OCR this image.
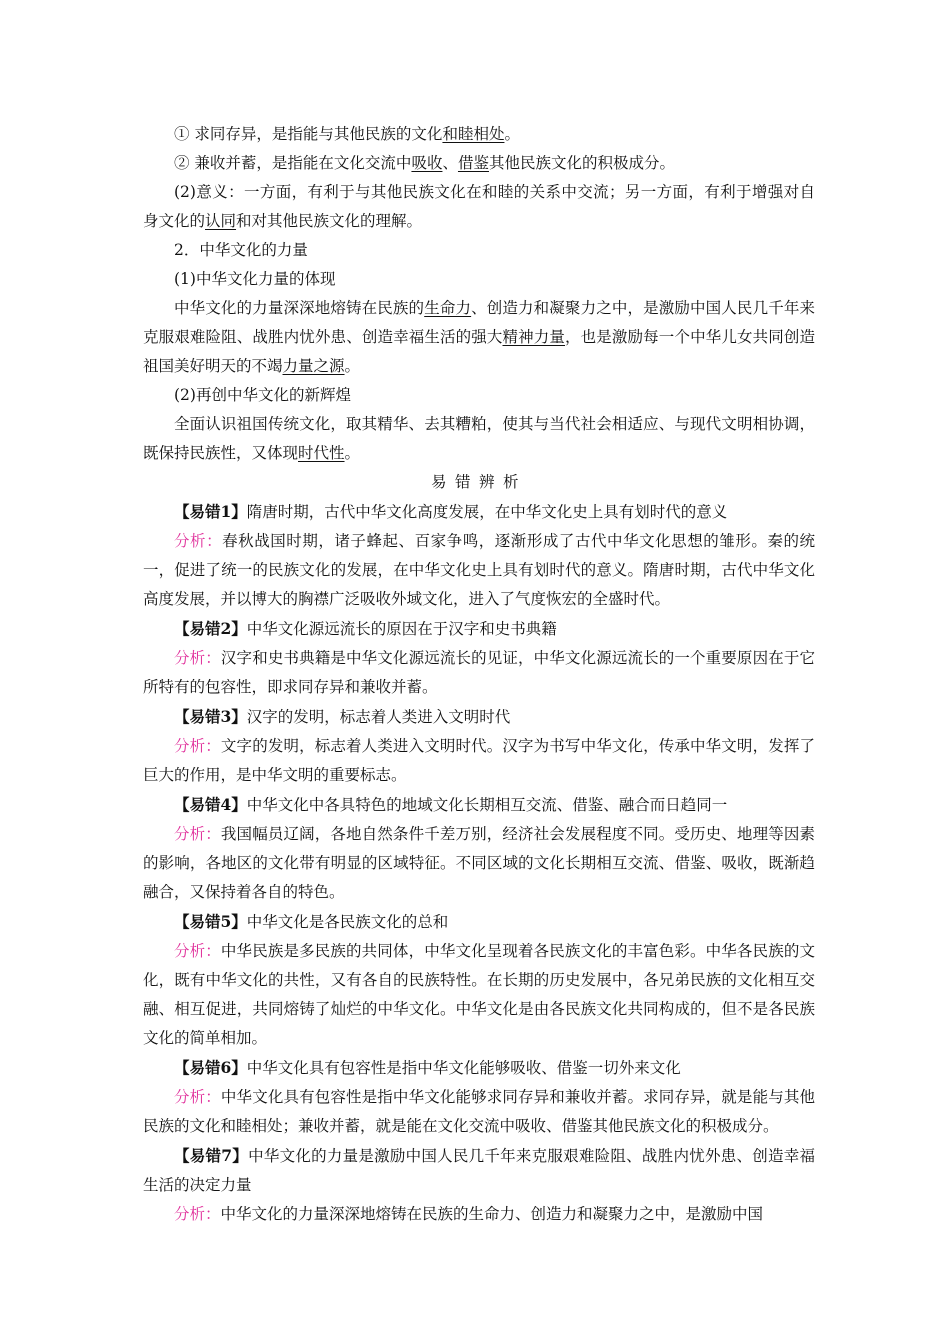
① 求同存异，是指能与其他民族的文化和睦相处。

② 兼收并蓄，是指能在文化交流中吸收、借鉴其他民族文化的积极成分。

(2)意义：一方面，有利于与其他民族文化在和睦的关系中交流；另一方面，有利于增强对自身文化的认同和对其他民族文化的理解。

2．中华文化的力量

(1)中华文化力量的体现

中华文化的力量深深地熔铸在民族的生命力、创造力和凝聚力之中，是激励中国人民几千年来克服艰难险阻、战胜内忧外患、创造幸福生活的强大精神力量，也是激励每一个中华儿女共同创造祖国美好明天的不竭力量之源。

(2)再创中华文化的新辉煌

全面认识祖国传统文化，取其精华、去其糟粕，使其与当代社会相适应、与现代文明相协调，既保持民族性，又体现时代性。

易错辨析

【易错1】隋唐时期，古代中华文化高度发展，在中华文化史上具有划时代的意义

分析：春秋战国时期，诸子蜂起、百家争鸣，逐渐形成了古代中华文化思想的雏形。秦的统一，促进了统一的民族文化的发展，在中华文化史上具有划时代的意义。隋唐时期，古代中华文化高度发展，并以博大的胸襟广泛吸收外域文化，进入了气度恢宏的全盛时代。

【易错2】中华文化源远流长的原因在于汉字和史书典籍

分析：汉字和史书典籍是中华文化源远流长的见证，中华文化源远流长的一个重要原因在于它所特有的包容性，即求同存异和兼收并蓄。

【易错3】汉字的发明，标志着人类进入文明时代

分析：文字的发明，标志着人类进入文明时代。汉字为书写中华文化，传承中华文明，发挥了巨大的作用，是中华文明的重要标志。

【易错4】中华文化中各具特色的地域文化长期相互交流、借鉴、融合而日趋同一

分析：我国幅员辽阔，各地自然条件千差万别，经济社会发展程度不同。受历史、地理等因素的影响，各地区的文化带有明显的区域特征。不同区域的文化长期相互交流、借鉴、吸收，既渐趋融合，又保持着各自的特色。

【易错5】中华文化是各民族文化的总和

分析：中华民族是多民族的共同体，中华文化呈现着各民族文化的丰富色彩。中华各民族的文化，既有中华文化的共性，又有各自的民族特性。在长期的历史发展中，各兄弟民族的文化相互交融、相互促进，共同熔铸了灿烂的中华文化。中华文化是由各民族文化共同构成的，但不是各民族文化的简单相加。

【易错6】中华文化具有包容性是指中华文化能够吸收、借鉴一切外来文化

分析：中华文化具有包容性是指中华文化能够求同存异和兼收并蓄。求同存异，就是能与其他民族的文化和睦相处；兼收并蓄，就是能在文化交流中吸收、借鉴其他民族文化的积极成分。

【易错7】中华文化的力量是激励中国人民几千年来克服艰难险阻、战胜内忧外患、创造幸福生活的决定力量

分析：中华文化的力量深深地熔铸在民族的生命力、创造力和凝聚力之中，是激励中国
